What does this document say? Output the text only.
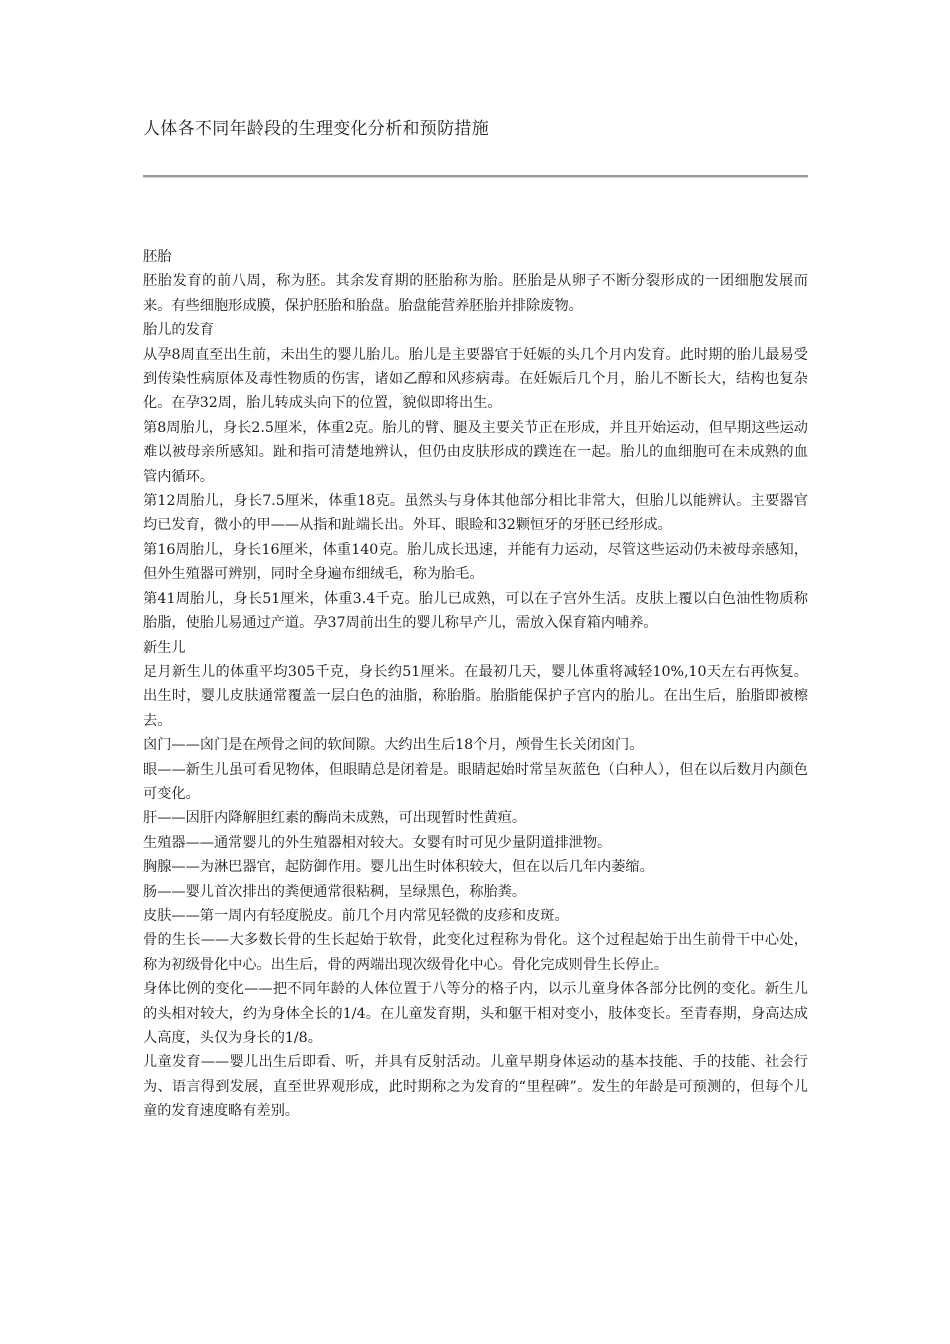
人体各不同年龄段的生理变化分析和预防措施

胚胎

胚胎发育的前八周，称为胚。其余发育期的胚胎称为胎。胚胎是从卵子不断分裂形成的一团细胞发展而来。有些细胞形成膜，保护胚胎和胎盘。胎盘能营养胚胎并排除废物。

胎儿的发育

从孕8周直至出生前，未出生的婴儿胎儿。胎儿是主要器官于妊娠的头几个月内发育。此时期的胎儿最易受到传染性病原体及毒性物质的伤害，诸如乙醇和风疹病毒。在妊娠后几个月，胎儿不断长大，结构也复杂化。在孕32周，胎儿转成头向下的位置，貌似即将出生。

第8周胎儿，身长2.5厘米，体重2克。胎儿的臂、腿及主要关节正在形成，并且开始运动，但早期这些运动难以被母亲所感知。趾和指可清楚地辨认，但仍由皮肤形成的蹼连在一起。胎儿的血细胞可在未成熟的血管内循环。

第12周胎儿，身长7.5厘米，体重18克。虽然头与身体其他部分相比非常大，但胎儿以能辨认。主要器官均已发育，微小的甲——从指和趾端长出。外耳、眼睑和32颗恒牙的牙胚已经形成。

第16周胎儿，身长16厘米，体重140克。胎儿成长迅速，并能有力运动，尽管这些运动仍未被母亲感知，但外生殖器可辨别，同时全身遍布细绒毛，称为胎毛。

第41周胎儿，身长51厘米，体重3.4千克。胎儿已成熟，可以在子宫外生活。皮肤上覆以白色油性物质称胎脂，使胎儿易通过产道。孕37周前出生的婴儿称早产儿，需放入保育箱内哺养。

新生儿

足月新生儿的体重平均305千克，身长约51厘米。在最初几天，婴儿体重将减轻10%,10天左右再恢复。出生时，婴儿皮肤通常覆盖一层白色的油脂，称胎脂。胎脂能保护子宫内的胎儿。在出生后，胎脂即被檫去。

囟门——囟门是在颅骨之间的软间隙。大约出生后18个月，颅骨生长关闭囟门。

眼——新生儿虽可看见物体，但眼睛总是闭着是。眼睛起始时常呈灰蓝色（白种人），但在以后数月内颜色可变化。

肝——因肝内降解胆红素的酶尚未成熟，可出现暂时性黄疸。

生殖器——通常婴儿的外生殖器相对较大。女婴有时可见少量阴道排泄物。

胸腺——为淋巴器官，起防御作用。婴儿出生时体积较大，但在以后几年内萎缩。

肠——婴儿首次排出的粪便通常很粘稠，呈绿黑色，称胎粪。

皮肤——第一周内有轻度脱皮。前几个月内常见轻微的皮疹和皮斑。

骨的生长——大多数长骨的生长起始于软骨，此变化过程称为骨化。这个过程起始于出生前骨干中心处，称为初级骨化中心。出生后，骨的两端出现次级骨化中心。骨化完成则骨生长停止。

身体比例的变化——把不同年龄的人体位置于八等分的格子内，以示儿童身体各部分比例的变化。新生儿的头相对较大，约为身体全长的1/4。在儿童发育期，头和躯干相对变小，肢体变长。至青春期，身高达成人高度，头仅为身长的1/8。

儿童发育——婴儿出生后即看、听，并具有反射活动。儿童早期身体运动的基本技能、手的技能、社会行为、语言得到发展，直至世界观形成，此时期称之为发育的“里程碑”。发生的年龄是可预测的，但每个儿童的发育速度略有差别。
